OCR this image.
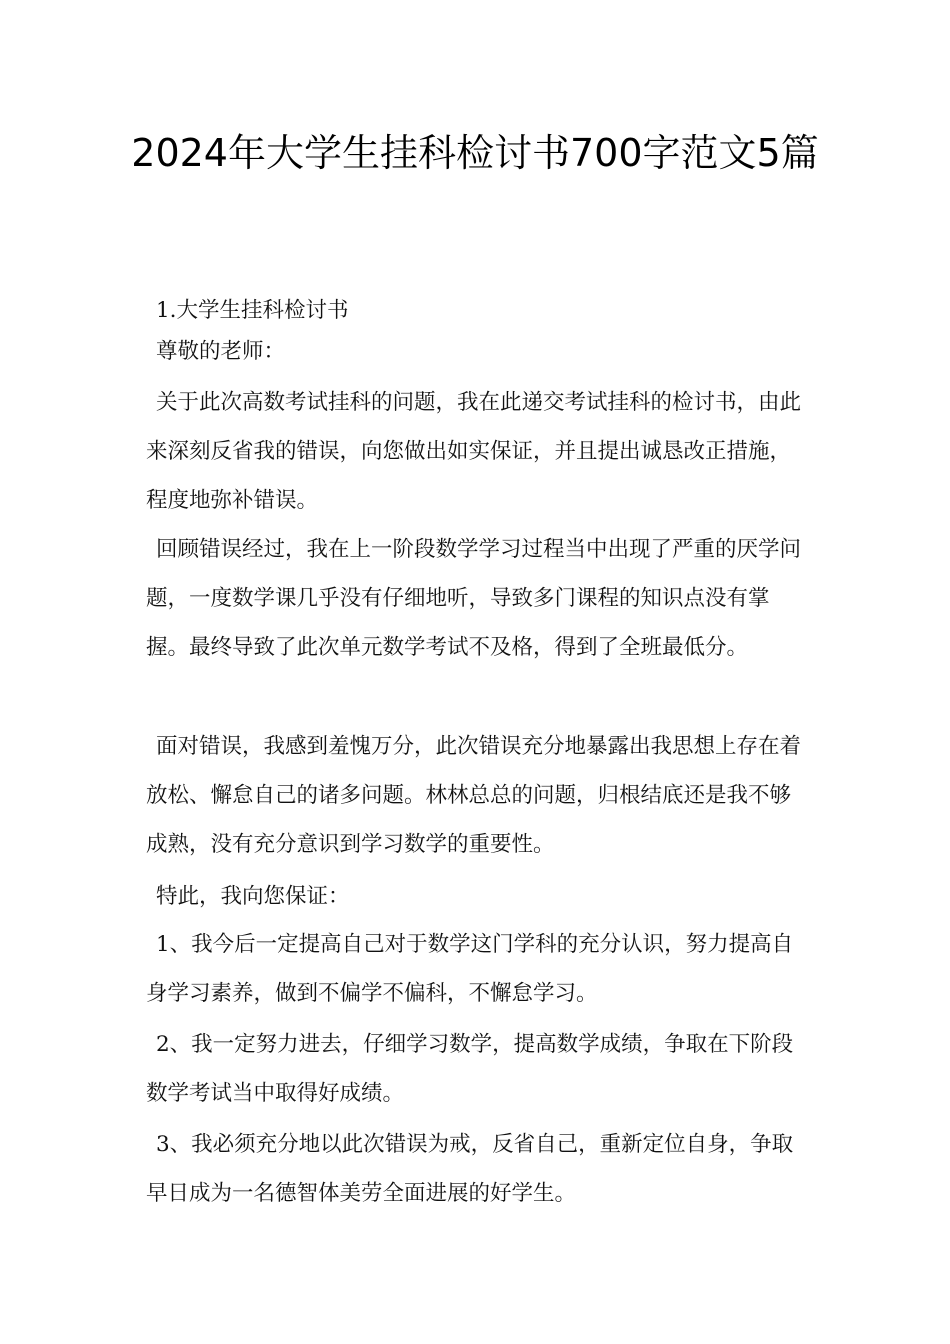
2024年大学生挂科检讨书700字范文5篇

1.大学生挂科检讨书

尊敬的老师：

关于此次高数考试挂科的问题，我在此递交考试挂科的检讨书，由此来深刻反省我的错误，向您做出如实保证，并且提出诚恳改正措施，程度地弥补错误。

回顾错误经过，我在上一阶段数学学习过程当中出现了严重的厌学问题，一度数学课几乎没有仔细地听，导致多门课程的知识点没有掌握。最终导致了此次单元数学考试不及格，得到了全班最低分。

面对错误，我感到羞愧万分，此次错误充分地暴露出我思想上存在着放松、懈怠自己的诸多问题。林林总总的问题，归根结底还是我不够成熟，没有充分意识到学习数学的重要性。

特此，我向您保证：

1、我今后一定提高自己对于数学这门学科的充分认识，努力提高自身学习素养，做到不偏学不偏科，不懈怠学习。

2、我一定努力进去，仔细学习数学，提高数学成绩，争取在下阶段数学考试当中取得好成绩。

3、我必须充分地以此次错误为戒，反省自己，重新定位自身，争取早日成为一名德智体美劳全面进展的好学生。
